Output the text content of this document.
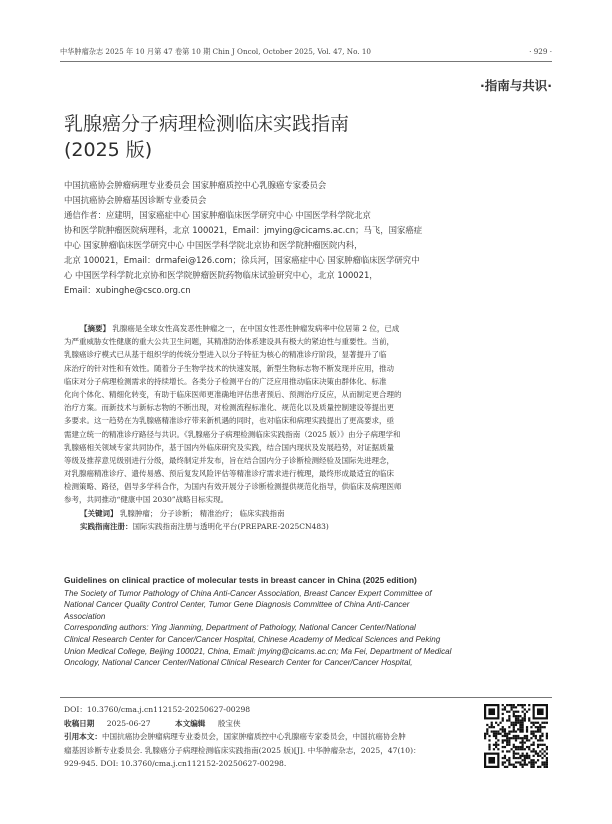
中华肿瘤杂志 2025 年 10 月第 47 卷第 10 期 Chin J Oncol, October 2025, Vol. 47, No. 10	· 929 ·
·指南与共识·
乳腺癌分子病理检测临床实践指南
(2025 版)
中国抗癌协会肿瘤病理专业委员会 国家肿瘤质控中心乳腺癌专家委员会
中国抗癌协会肿瘤基因诊断专业委员会
通信作者：应建明，国家癌症中心 国家肿瘤临床医学研究中心 中国医学科学院北京
协和医学院肿瘤医院病理科，北京 100021，Email：jmying@cicams.ac.cn；马飞，国家癌症
中心 国家肿瘤临床医学研究中心 中国医学科学院北京协和医学院肿瘤医院内科，
北京 100021，Email：drmafei@126.com；徐兵河，国家癌症中心 国家肿瘤临床医学研究中
心 中国医学科学院北京协和医学院肿瘤医院药物临床试验研究中心，北京 100021，
Email：xubinghe@csco.org.cn
【摘要】 乳腺癌是全球女性高发恶性肿瘤之一，在中国女性恶性肿瘤发病率中位居第 2 位，已成
为严重威胁女性健康的重大公共卫生问题，其精准防治体系建设具有极大的紧迫性与重要性。当前，
乳腺癌诊疗模式已从基于组织学的传统分型进入以分子特征为核心的精准诊疗阶段，显著提升了临
床治疗的针对性和有效性。随着分子生物学技术的快速发展，新型生物标志物不断发现并应用，推动
临床对分子病理检测需求的持续增长。各类分子检测平台的广泛应用推动临床决策由群体化、标准
化向个体化、精细化转变，有助于临床医师更准确地评估患者预后、预测治疗反应，从而制定更合理的
治疗方案。而新技术与新标志物的不断出现，对检测流程标准化、规范化以及质量控制建设等提出更
多要求。这一趋势在为乳腺癌精准诊疗带来新机遇的同时，也对临床和病理实践提出了更高要求，亟
需建立统一的精准诊疗路径与共识。《乳腺癌分子病理检测临床实践指南（2025 版）》由分子病理学和
乳腺癌相关领域专家共同协作，基于国内外临床研究及实践，结合国内现状及发展趋势，对证据质量
等级及推荐意见级别进行分级，最终制定并发布，旨在结合国内分子诊断检测经验及国际先进理念，
对乳腺癌精准诊疗、遗传易感、预后复发风险评估等精准诊疗需求进行梳理，最终形成最适宜的临床
检测策略、路径，倡导多学科合作，为国内有效开展分子诊断检测提供规范化指导，供临床及病理医师
参考，共同推动“健康中国 2030”战略目标实现。
【关键词】 乳腺肿瘤； 分子诊断； 精准治疗； 临床实践指南
实践指南注册：国际实践指南注册与透明化平台(PREPARE-2025CN483)
Guidelines on clinical practice of molecular tests in breast cancer in China (2025 edition)
The Society of Tumor Pathology of China Anti-Cancer Association, Breast Cancer Expert Committee of
National Cancer Quality Control Center, Tumor Gene Diagnosis Committee of China Anti-Cancer
Association
Corresponding authors: Ying Jianming, Department of Pathology, National Cancer Center/National
Clinical Research Center for Cancer/Cancer Hospital, Chinese Academy of Medical Sciences and Peking
Union Medical College, Beijing 100021, China, Email: jmying@cicams.ac.cn; Ma Fei, Department of Medical
Oncology, National Cancer Center/National Clinical Research Center for Cancer/Cancer Hospital,
DOI：10.3760/cma.j.cn112152-20250627-00298
收稿日期 2025-06-27	本文编辑 殷宝侠
引用本文：中国抗癌协会肿瘤病理专业委员会，国家肿瘤质控中心乳腺癌专家委员会，中国抗癌协会肿
瘤基因诊断专业委员会. 乳腺癌分子病理检测临床实践指南(2025 版)[J]. 中华肿瘤杂志，2025，47(10)：
929-945. DOI: 10.3760/cma.j.cn112152-20250627-00298.
